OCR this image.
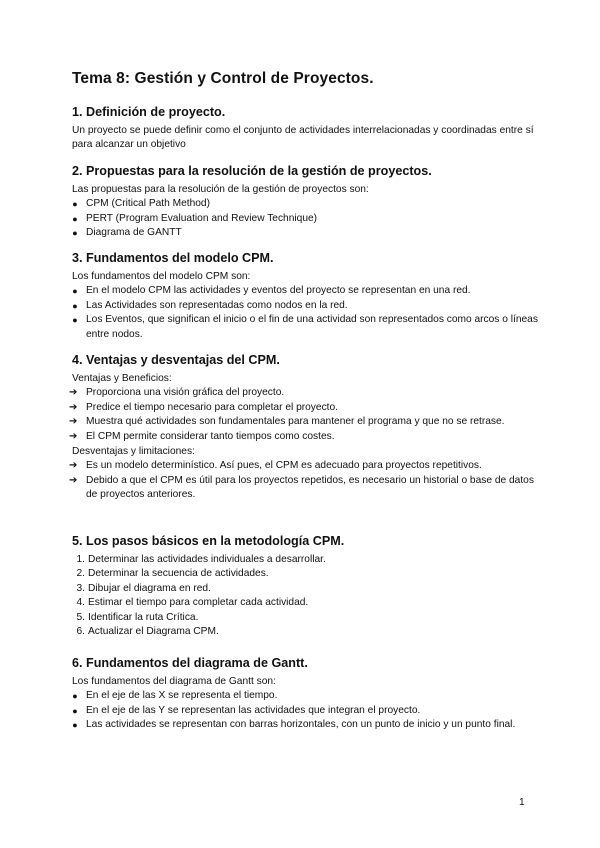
Tema 8: Gestión y Control de Proyectos.
1. Definición de proyecto.

Un proyecto se puede definir como el conjunto de actividades interrelacionadas y coordinadas entre sí para alcanzar un objetivo

2. Propuestas para la resolución de la gestión de proyectos.

Las propuestas para la resolución de la gestión de proyectos son:

● CPM (Critical Path Method)
● PERT (Program Evaluation and Review Technique)
● Diagrama de GANTT
3. Fundamentos del modelo CPM.

Los fundamentos del modelo CPM son:

● En el modelo CPM las actividades y eventos del proyecto se representan en una red.
● Las Actividades son representadas como nodos en la red.
● Los Eventos, que significan el inicio o el fin de una actividad son representados como arcos o líneas entre nodos.
4. Ventajas y desventajas del CPM.

Ventajas y Beneficios:

➔ Proporciona una visión gráfica del proyecto.
➔ Predice el tiempo necesario para completar el proyecto.
➔ Muestra qué actividades son fundamentales para mantener el programa y que no se retrase.
➔ El CPM permite considerar tanto tiempos como costes.

Desventajas y limitaciones:

➔ Es un modelo determinístico. Así pues, el CPM es adecuado para proyectos repetitivos.
➔ Debido a que el CPM es útil para los proyectos repetidos, es necesario un historial o base de datos de proyectos anteriores.
5. Los pasos básicos en la metodología CPM.
1. Determinar las actividades individuales a desarrollar.
2. Determinar la secuencia de actividades.
3. Dibujar el diagrama en red.
4. Estimar el tiempo para completar cada actividad.
5. Identificar la ruta Crítica.
6. Actualizar el Diagrama CPM.
6. Fundamentos del diagrama de Gantt.

Los fundamentos del diagrama de Gantt son:

● En el eje de las X se representa el tiempo.
● En el eje de las Y se representan las actividades que integran el proyecto.
● Las actividades se representan con barras horizontales, con un punto de inicio y un punto final.
1
